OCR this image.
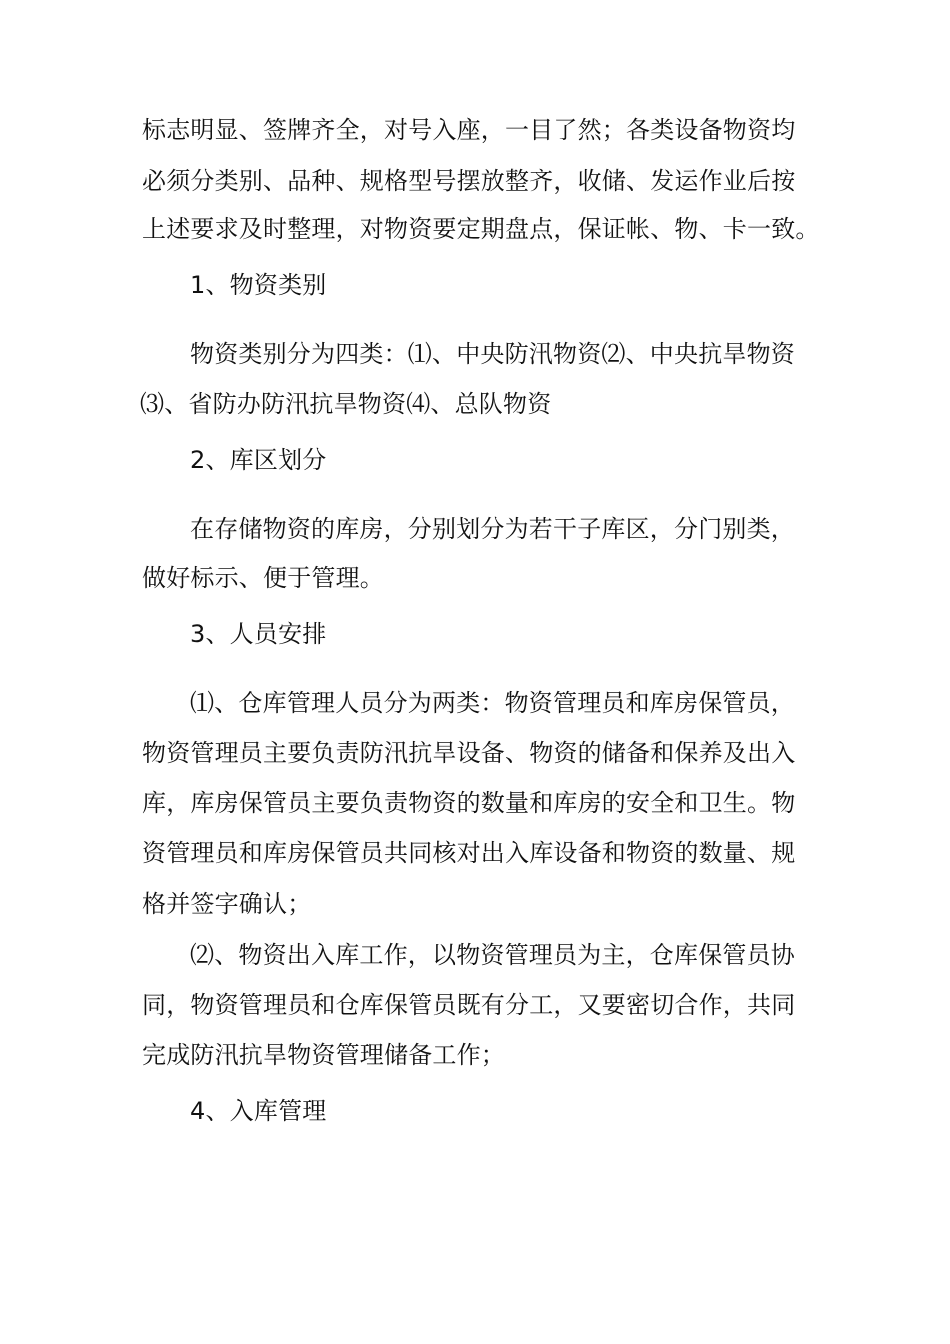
标志明显、签牌齐全，对号入座，一目了然；各类设备物资均
必须分类别、品种、规格型号摆放整齐，收储、发运作业后按
上述要求及时整理，对物资要定期盘点，保证帐、物、卡一致。
1、物资类别
物资类别分为四类：⑴、中央防汛物资⑵、中央抗旱物资
⑶、省防办防汛抗旱物资⑷、总队物资
2、库区划分
在存储物资的库房，分别划分为若干子库区，分门别类，
做好标示、便于管理。
3、人员安排
⑴、仓库管理人员分为两类：物资管理员和库房保管员，
物资管理员主要负责防汛抗旱设备、物资的储备和保养及出入
库，库房保管员主要负责物资的数量和库房的安全和卫生。物
资管理员和库房保管员共同核对出入库设备和物资的数量、规
格并签字确认；
⑵、物资出入库工作，以物资管理员为主，仓库保管员协
同，物资管理员和仓库保管员既有分工，又要密切合作，共同
完成防汛抗旱物资管理储备工作；
4、入库管理
